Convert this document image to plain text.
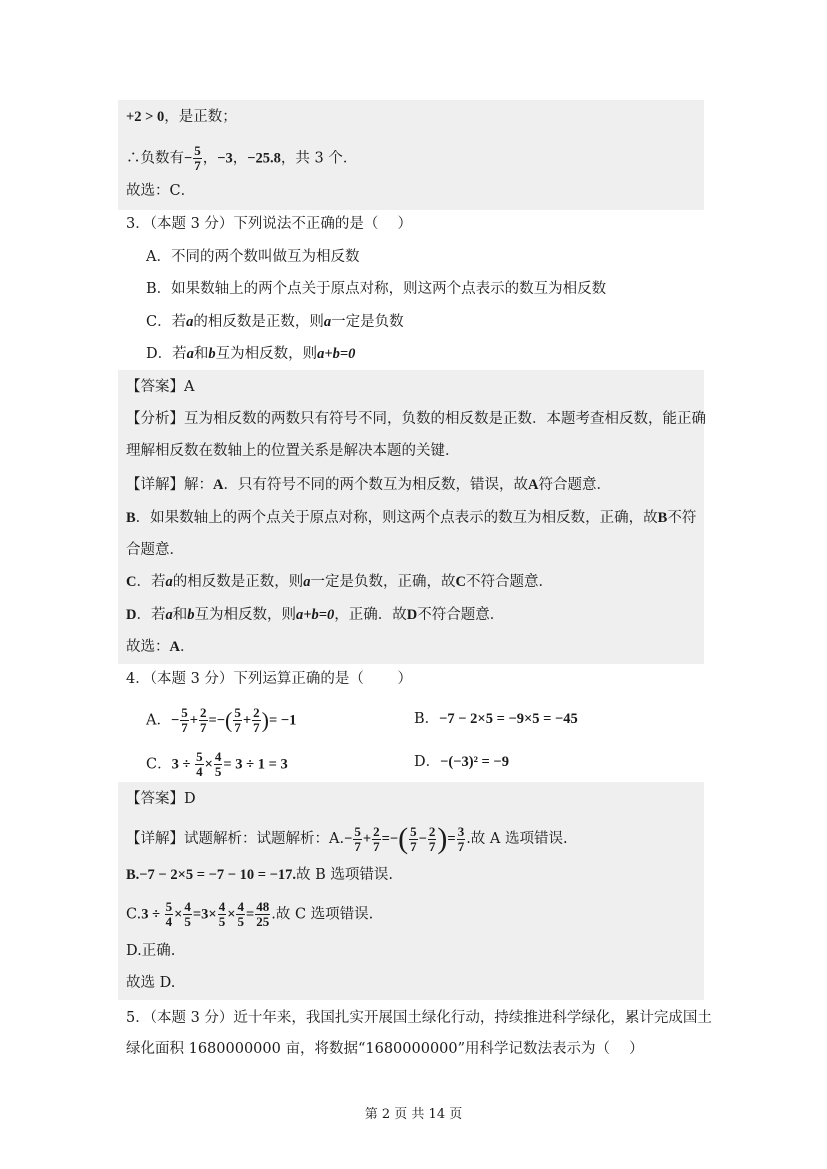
+2 > 0，是正数；
∴负数有− $\frac{5}{7}$ ，−3，−25.8，共 3 个．
故选：C．
3．（本题 3 分）下列说法不正确的是（　 ）
A．不同的两个数叫做互为相反数
B．如果数轴上的两个点关于原点对称，则这两个点表示的数互为相反数
C．若a的相反数是正数，则a一定是负数
D．若a和b互为相反数，则a+b=0
【答案】A
【分析】互为相反数的两数只有符号不同，负数的相反数是正数．本题考查相反数，能正确
理解相反数在数轴上的位置关系是解决本题的关键．
【详解】解：A．只有符号不同的两个数互为相反数，错误，故A符合题意．
B．如果数轴上的两个点关于原点对称，则这两个点表示的数互为相反数，正确，故B不符
合题意．
C．若a的相反数是正数，则a一定是负数，正确，故C不符合题意．
D．若a和b互为相反数，则a+b=0，正确．故D不符合题意．
故选：A．
4．（本题 3 分）下列运算正确的是（　　 ）
A．− $\frac{5}{7} + \frac{2}{7}$ =−( $\frac{5}{7} + \frac{2}{7}$ )= −1	B．−7 − 2×5 = −9×5 = −45
C．$3 \div \frac{5}{4} \times \frac{4}{5} = 3 \div 1 = 3$	D．−(−3)² = −9
【答案】D
【详解】试题解析：试题解析：$A.- \frac{5}{7} + \frac{2}{7}$ =−( $\frac{5}{7} - \frac{2}{7}$ )= $\frac{3}{7}$ .故 A 选项错误.
B.−7 − 2×5 = −7 − 10 = −17.故 B 选项错误.
$C.3 \div \frac{5}{4} \times \frac{4}{5} =3\times \frac{4}{5} \times \frac{4}{5} = \frac{48}{25}$ .故 C 选项错误.
D.正确.
故选 D.
5．（本题 3 分）近十年来，我国扎实开展国土绿化行动，持续推进科学绿化，累计完成国土
绿化面积 1680000000 亩，将数据“1680000000”用科学记数法表示为（　 ）
第 2 页 共 14 页
